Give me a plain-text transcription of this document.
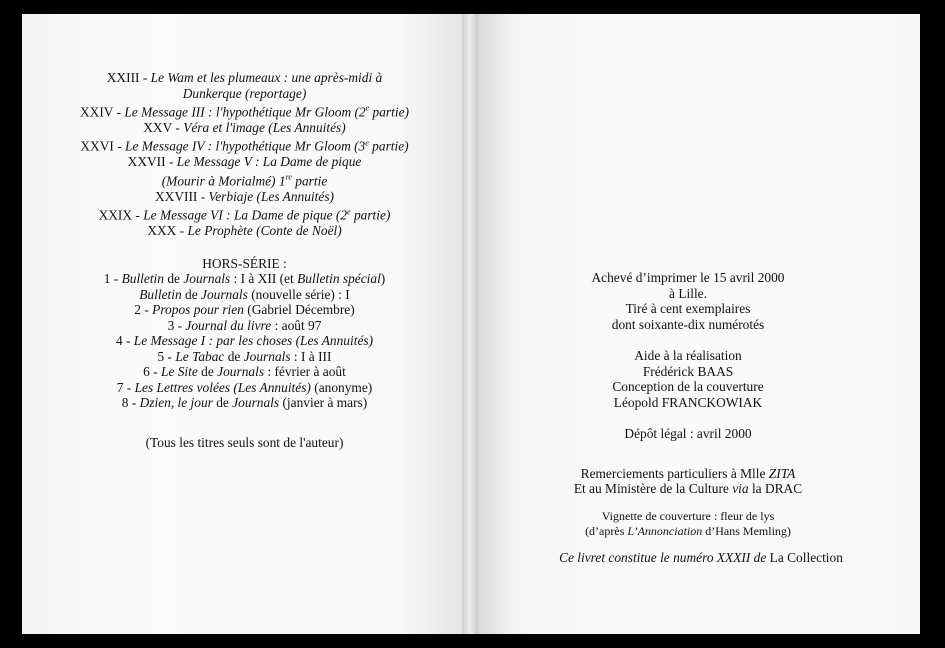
XXIII - Le Wam et les plumeaux : une après-midi à
Dunkerque (reportage)
XXIV - Le Message III : l'hypothétique Mr Gloom (2e partie)
XXV - Véra et l'image (Les Annuités)
XXVI - Le Message IV : l'hypothétique Mr Gloom (3e partie)
XXVII - Le Message V : La Dame de pique
(Mourir à Morialmé) 1re partie
XXVIII - Verbiaje (Les Annuités)
XXIX - Le Message VI : La Dame de pique (2e partie)
XXX - Le Prophète (Conte de Noël)
HORS-SÉRIE :
1 - Bulletin de Journals : I à XII (et Bulletin spécial)
Bulletin de Journals (nouvelle série) : I
2 - Propos pour rien (Gabriel Décembre)
3 - Journal du livre : août 97
4 - Le Message I : par les choses (Les Annuités)
5 - Le Tabac de Journals : I à III
6 - Le Site de Journals : février à août
7 - Les Lettres volées (Les Annuités) (anonyme)
8 - Dzien, le jour de Journals (janvier à mars)
(Tous les titres seuls sont de l'auteur)
Achevé d’imprimer le 15 avril 2000
à Lille.
Tiré à cent exemplaires
dont soixante-dix numérotés
Aide à la réalisation
Frédérick BAAS
Conception de la couverture
Léopold FRANCKOWIAK
Dépôt légal : avril 2000
Remerciements particuliers à Mlle ZITA
Et au Ministère de la Culture via la DRAC
Vignette de couverture : fleur de lys
(d’après L’Annonciation d’Hans Memling)
Ce livret constitue le numéro XXXII de La Collection
